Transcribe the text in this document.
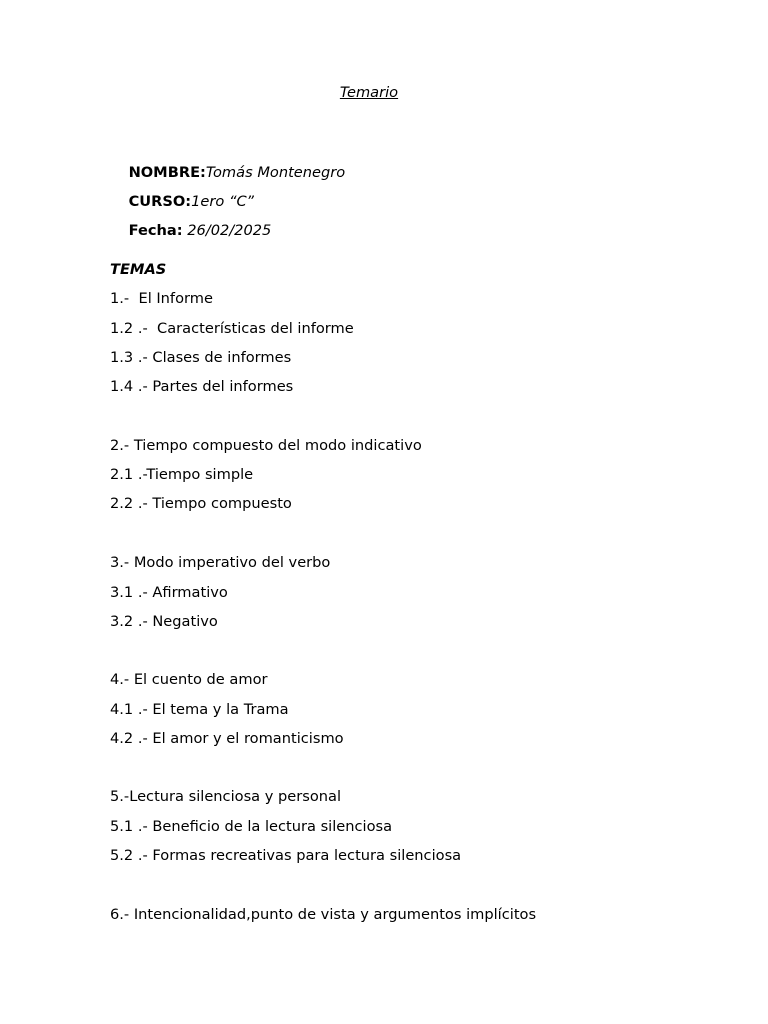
Temario

NOMBRE:Tomás Montenegro

CURSO:1ero “C”

Fecha: 26/02/2025

TEMAS
1.-  El Informe
1.2 .-  Características del informe
1.3 .- Clases de informes
1.4 .- Partes del informes
2.- Tiempo compuesto del modo indicativo
2.1 .-Tiempo simple
2.2 .- Tiempo compuesto
3.- Modo imperativo del verbo
3.1 .- Afirmativo
3.2 .- Negativo
4.- El cuento de amor
4.1 .- El tema y la Trama
4.2 .- El amor y el romanticismo
5.-Lectura silenciosa y personal
5.1 .- Beneficio de la lectura silenciosa
5.2 .- Formas recreativas para lectura silenciosa
6.- Intencionalidad,punto de vista y argumentos implícitos
